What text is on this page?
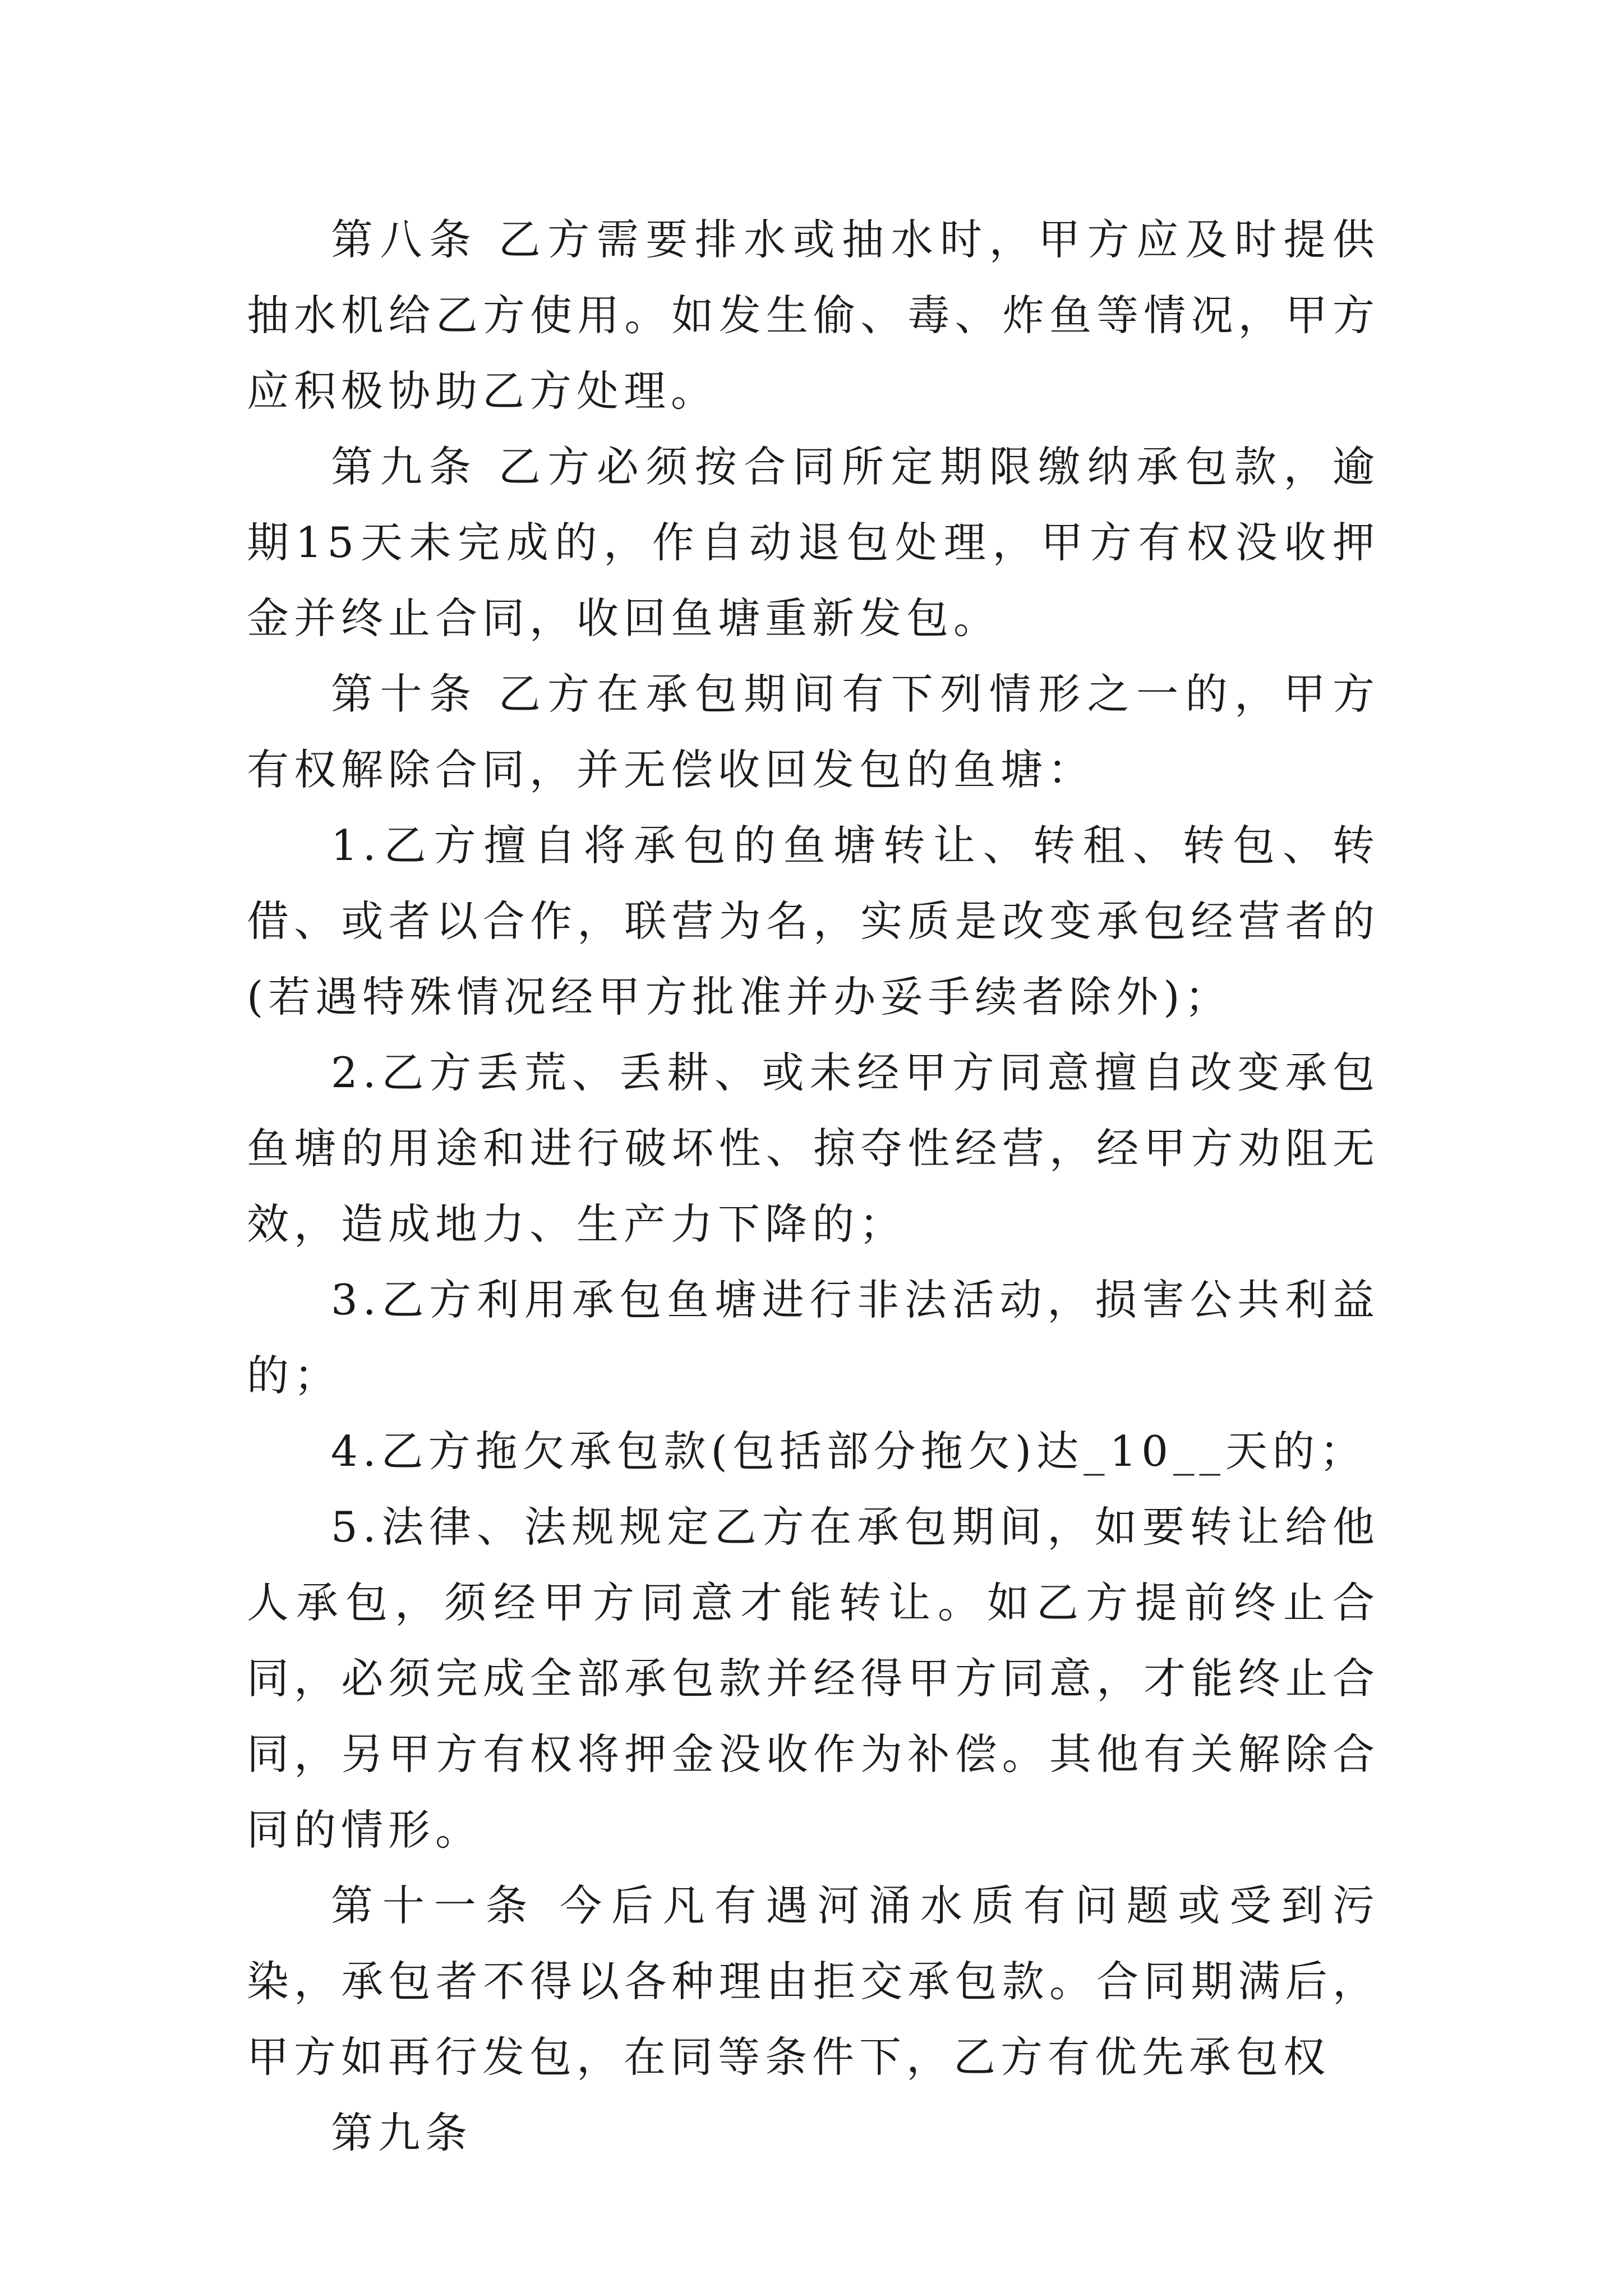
第八条 乙方需要排水或抽水时，甲方应及时提供抽水机给乙方使用。如发生偷、毒、炸鱼等情况，甲方应积极协助乙方处理。

第九条 乙方必须按合同所定期限缴纳承包款，逾期15天未完成的，作自动退包处理，甲方有权没收押金并终止合同，收回鱼塘重新发包。

第十条 乙方在承包期间有下列情形之一的，甲方有权解除合同，并无偿收回发包的鱼塘：

1.乙方擅自将承包的鱼塘转让、转租、转包、转借、或者以合作，联营为名，实质是改变承包经营者的(若遇特殊情况经甲方批准并办妥手续者除外)；

2.乙方丢荒、丢耕、或未经甲方同意擅自改变承包鱼塘的用途和进行破坏性、掠夺性经营，经甲方劝阻无效，造成地力、生产力下降的；

3.乙方利用承包鱼塘进行非法活动，损害公共利益的；

4.乙方拖欠承包款(包括部分拖欠)达_10__天的；

5.法律、法规规定乙方在承包期间，如要转让给他人承包，须经甲方同意才能转让。如乙方提前终止合同，必须完成全部承包款并经得甲方同意，才能终止合同，另甲方有权将押金没收作为补偿。其他有关解除合同的情形。

第十一条 今后凡有遇河涌水质有问题或受到污染，承包者不得以各种理由拒交承包款。合同期满后，甲方如再行发包，在同等条件下，乙方有优先承包权

第九条
